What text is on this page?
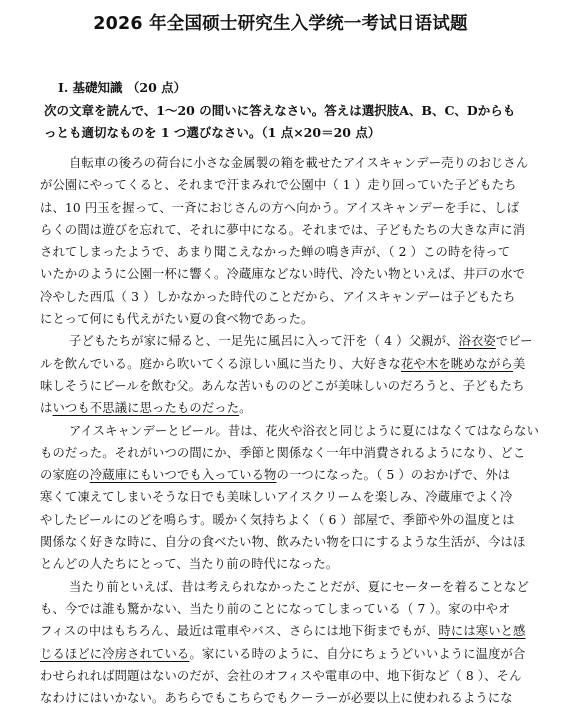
2026 年全国硕士研究生入学统一考试日语试题
I. 基礎知識 （20 点）
次の文章を読んで、1～20 の間いに答えなさい。答えは選択肢A、B、C、Dからも
っとも適切なものを 1 つ選びなさい。（1 点×20＝20 点）
自転車の後ろの荷台に小さな金属製の箱を載せたアイスキャンデー売りのおじさん
が公園にやってくると、それまで汗まみれで公園中（ 1 ）走り回っていた子どもたち
は、10 円玉を握って、一斉におじさんの方へ向かう。アイスキャンデーを手に、しば
らくの間は遊びを忘れて、それに夢中になる。それまでは、子どもたちの大きな声に消
されてしまったようで、あまり聞こえなかった蝉の鳴き声が、（ 2 ）この時を待って
いたかのように公園一杯に響く。冷蔵庫などない時代、冷たい物といえば、井戸の水で
冷やした西瓜（ 3 ）しかなかった時代のことだから、アイスキャンデーは子どもたち
にとって何にも代えがたい夏の食べ物であった。
子どもたちが家に帰ると、一足先に風呂に入って汗を（ 4 ）父親が、浴衣姿でビー
ルを飲んでいる。庭から吹いてくる涼しい風に当たり、大好きな花や木を眺めながら美
味しそうにビールを飲む父。あんな苦いもののどこが美味しいのだろうと、子どもたち
はいつも不思議に思ったものだった。
アイスキャンデーとビール。昔は、花火や浴衣と同じように夏にはなくてはならない
ものだった。それがいつの間にか、季節と関係なく一年中消費されるようになり、どこ
の家庭の冷蔵庫にもいつでも入っている物の一つになった。（ 5 ）のおかげで、外は
寒くて凍えてしまいそうな日でも美味しいアイスクリームを楽しみ、冷蔵庫でよく冷
やしたビールにのどを鳴らす。暖かく気持ちよく（ 6 ）部屋で、季節や外の温度とは
関係なく好きな時に、自分の食べたい物、飲みたい物を口にするような生活が、今はほ
とんどの人たちにとって、当たり前の時代になった。
当たり前といえば、昔は考えられなかったことだが、夏にセーターを着ることなど
も、今では誰も驚かない、当たり前のことになってしまっている（ 7 ）。家の中やオ
フィスの中はもちろん、最近は電車やバス、さらには地下街までもが、時には寒いと感
じるほどに冷房されている。家にいる時のように、自分にちょうどいいように温度が合
わせられれば問題はないのだが、会社のオフィスや電車の中、地下街など（ 8 ）、そん
なわけにはいかない。あちらでもこちらでもクーラーが必要以上に使われるようにな
